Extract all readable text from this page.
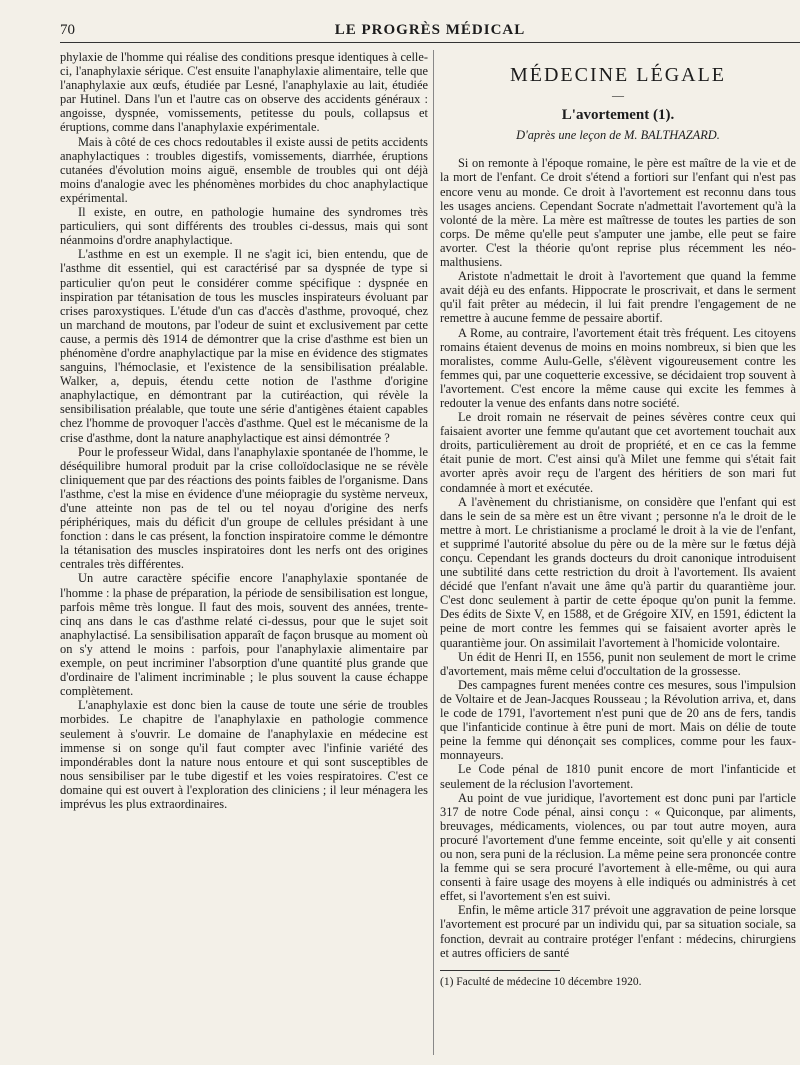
70	LE PROGRÈS MÉDICAL

phylaxie de l'homme qui réalise des conditions presque identiques à celle-ci, l'anaphylaxie sérique. C'est ensuite l'anaphylaxie alimentaire, telle que l'anaphylaxie aux œufs, étudiée par Lesné, l'anaphylaxie au lait, étudiée par Hutinel. Dans l'un et l'autre cas on observe des accidents généraux : angoisse, dyspnée, vomissements, petitesse du pouls, collapsus et éruptions, comme dans l'anaphylaxie expérimentale.

Mais à côté de ces chocs redoutables il existe aussi de petits accidents anaphylactiques : troubles digestifs, vomissements, diarrhée, éruptions cutanées d'évolution moins aiguë, ensemble de troubles qui ont déjà moins d'analogie avec les phénomènes morbides du choc anaphylactique expérimental.

Il existe, en outre, en pathologie humaine des syndromes très particuliers, qui sont différents des troubles ci-dessus, mais qui sont néanmoins d'ordre anaphylactique.

L'asthme en est un exemple. Il ne s'agit ici, bien entendu, que de l'asthme dit essentiel, qui est caractérisé par sa dyspnée de type si particulier qu'on peut le considérer comme spécifique : dyspnée en inspiration par tétanisation de tous les muscles inspirateurs évoluant par crises paroxystiques. L'étude d'un cas d'accès d'asthme, provoqué, chez un marchand de moutons, par l'odeur de suint et exclusivement par cette cause, a permis dès 1914 de démontrer que la crise d'asthme est bien un phénomène d'ordre anaphylactique par la mise en évidence des stigmates sanguins, l'hémoclasie, et l'existence de la sensibilisation préalable. Walker, a, depuis, étendu cette notion de l'asthme d'origine anaphylactique, en démontrant par la cutiréaction, qui révèle la sensibilisation préalable, que toute une série d'antigènes étaient capables chez l'homme de provoquer l'accès d'asthme. Quel est le mécanisme de la crise d'asthme, dont la nature anaphylactique est ainsi démontrée ?

Pour le professeur Widal, dans l'anaphylaxie spontanée de l'homme, le déséquilibre humoral produit par la crise colloïdoclasique ne se révèle cliniquement que par des réactions des points faibles de l'organisme. Dans l'asthme, c'est la mise en évidence d'une méiopragie du système nerveux, d'une atteinte non pas de tel ou tel noyau d'origine des nerfs périphériques, mais du déficit d'un groupe de cellules présidant à une fonction : dans le cas présent, la fonction inspiratoire comme le démontre la tétanisation des muscles inspiratoires dont les nerfs ont des origines centrales très différentes.

Un autre caractère spécifie encore l'anaphylaxie spontanée de l'homme : la phase de préparation, la période de sensibilisation est longue, parfois même très longue. Il faut des mois, souvent des années, trente-cinq ans dans le cas d'asthme relaté ci-dessus, pour que le sujet soit anaphylactisé. La sensibilisation apparaît de façon brusque au moment où on s'y attend le moins : parfois, pour l'anaphylaxie alimentaire par exemple, on peut incriminer l'absorption d'une quantité plus grande que d'ordinaire de l'aliment incriminable ; le plus souvent la cause échappe complètement.

L'anaphylaxie est donc bien la cause de toute une série de troubles morbides. Le chapitre de l'anaphylaxie en pathologie commence seulement à s'ouvrir. Le domaine de l'anaphylaxie en médecine est immense si on songe qu'il faut compter avec l'infinie variété des impondérables dont la nature nous entoure et qui sont susceptibles de nous sensibiliser par le tube digestif et les voies respiratoires. C'est ce domaine qui est ouvert à l'exploration des cliniciens ; il leur ménagera les imprévus les plus extraordinaires.

MÉDECINE LÉGALE
—
L'avortement (1).
D'après une leçon de M. BALTHAZARD.

Si on remonte à l'époque romaine, le père est maître de la vie et de la mort de l'enfant. Ce droit s'étend a fortiori sur l'enfant qui n'est pas encore venu au monde. Ce droit à l'avortement est reconnu dans tous les usages anciens. Cependant Socrate n'admettait l'avortement qu'à la volonté de la mère. La mère est maîtresse de toutes les parties de son corps. De même qu'elle peut s'amputer une jambe, elle peut se faire avorter. C'est la théorie qu'ont reprise plus récemment les néo-malthusiens.

Aristote n'admettait le droit à l'avortement que quand la femme avait déjà eu des enfants. Hippocrate le proscrivait, et dans le serment qu'il fait prêter au médecin, il lui fait prendre l'engagement de ne remettre à aucune femme de pessaire abortif.

A Rome, au contraire, l'avortement était très fréquent. Les citoyens romains étaient devenus de moins en moins nombreux, si bien que les moralistes, comme Aulu-Gelle, s'élèvent vigoureusement contre les femmes qui, par une coquetterie excessive, se décidaient trop souvent à l'avortement. C'est encore la même cause qui excite les femmes à redouter la venue des enfants dans notre société.

Le droit romain ne réservait de peines sévères contre ceux qui faisaient avorter une femme qu'autant que cet avortement touchait aux droits, particulièrement au droit de propriété, et en ce cas la femme était punie de mort. C'est ainsi qu'à Milet une femme qui s'était fait avorter après avoir reçu de l'argent des héritiers de son mari fut condamnée à mort et exécutée.

A l'avènement du christianisme, on considère que l'enfant qui est dans le sein de sa mère est un être vivant ; personne n'a le droit de le mettre à mort. Le christianisme a proclamé le droit à la vie de l'enfant, et supprimé l'autorité absolue du père ou de la mère sur le fœtus déjà conçu. Cependant les grands docteurs du droit canonique introduisent une subtilité dans cette restriction du droit à l'avortement. Ils avaient décidé que l'enfant n'avait une âme qu'à partir du quarantième jour. C'est donc seulement à partir de cette époque qu'on punit la femme. Des édits de Sixte V, en 1588, et de Grégoire XIV, en 1591, édictent la peine de mort contre les femmes qui se faisaient avorter après le quarantième jour. On assimilait l'avortement à l'homicide volontaire.

Un édit de Henri II, en 1556, punit non seulement de mort le crime d'avortement, mais même celui d'occultation de la grossesse.

Des campagnes furent menées contre ces mesures, sous l'impulsion de Voltaire et de Jean-Jacques Rousseau ; la Révolution arriva, et, dans le code de 1791, l'avortement n'est puni que de 20 ans de fers, tandis que l'infanticide continue à être puni de mort. Mais on délie de toute peine la femme qui dénonçait ses complices, comme pour les faux-monnayeurs.

Le Code pénal de 1810 punit encore de mort l'infanticide et seulement de la réclusion l'avortement.

Au point de vue juridique, l'avortement est donc puni par l'article 317 de notre Code pénal, ainsi conçu : « Quiconque, par aliments, breuvages, médicaments, violences, ou par tout autre moyen, aura procuré l'avortement d'une femme enceinte, soit qu'elle y ait consenti ou non, sera puni de la réclusion. La même peine sera prononcée contre la femme qui se sera procuré l'avortement à elle-même, ou qui aura consenti à faire usage des moyens à elle indiqués ou administrés à cet effet, si l'avortement s'en est suivi.

Enfin, le même article 317 prévoit une aggravation de peine lorsque l'avortement est procuré par un individu qui, par sa situation sociale, sa fonction, devrait au contraire protéger l'enfant : médecins, chirurgiens et autres officiers de santé

(1) Faculté de médecine 10 décembre 1920.
